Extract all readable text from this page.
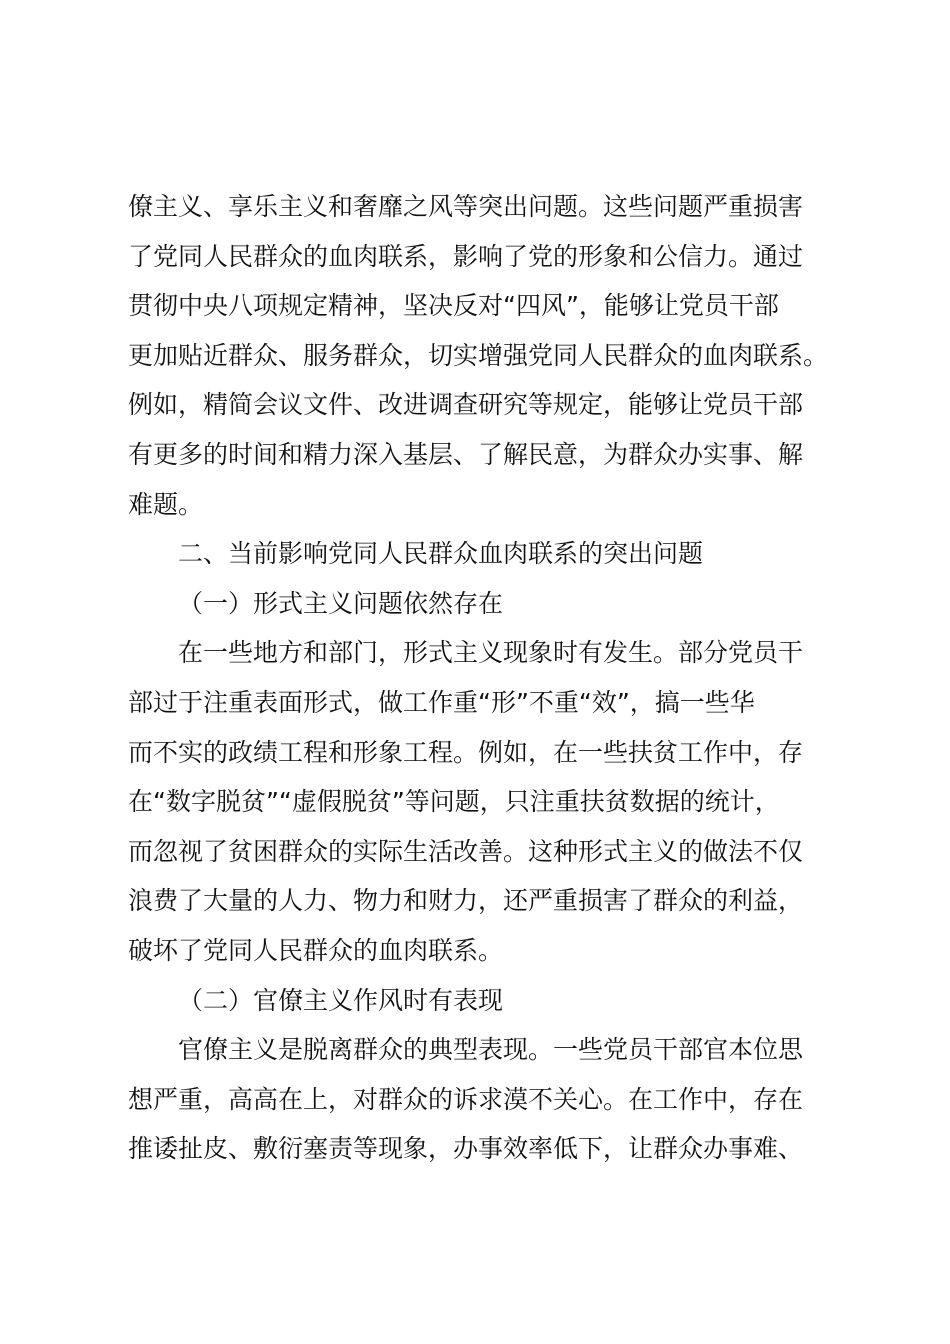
僚主义、享乐主义和奢靡之风等突出问题。这些问题严重损害
了党同人民群众的血肉联系，影响了党的形象和公信力。通过
贯彻中央八项规定精神，坚决反对“四风”，能够让党员干部
更加贴近群众、服务群众，切实增强党同人民群众的血肉联系。
例如，精简会议文件、改进调查研究等规定，能够让党员干部
有更多的时间和精力深入基层、了解民意，为群众办实事、解
难题。
二、当前影响党同人民群众血肉联系的突出问题
（一）形式主义问题依然存在
在一些地方和部门，形式主义现象时有发生。部分党员干
部过于注重表面形式，做工作重“形”不重“效”，搞一些华
而不实的政绩工程和形象工程。例如，在一些扶贫工作中，存
在“数字脱贫”“虚假脱贫”等问题，只注重扶贫数据的统计，
而忽视了贫困群众的实际生活改善。这种形式主义的做法不仅
浪费了大量的人力、物力和财力，还严重损害了群众的利益，
破坏了党同人民群众的血肉联系。
（二）官僚主义作风时有表现
官僚主义是脱离群众的典型表现。一些党员干部官本位思
想严重，高高在上，对群众的诉求漠不关心。在工作中，存在
推诿扯皮、敷衍塞责等现象，办事效率低下，让群众办事难、
